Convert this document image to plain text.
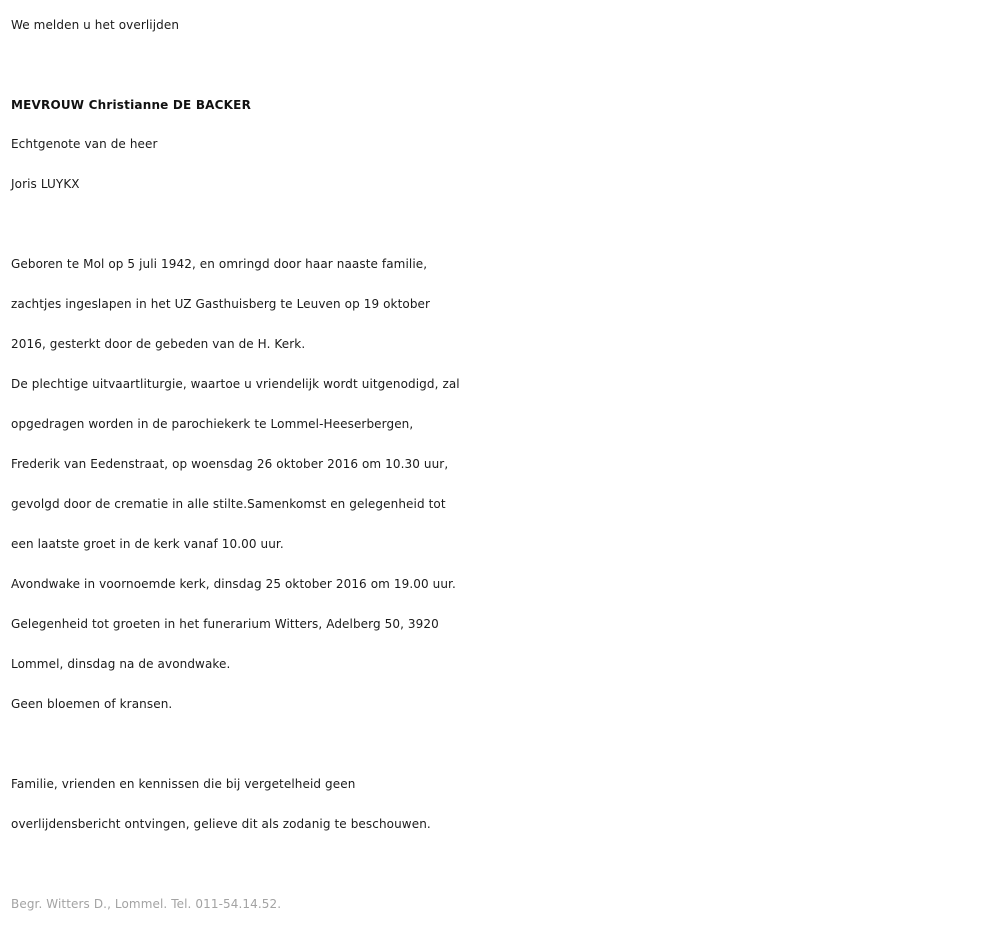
We melden u het overlijden
MEVROUW Christianne DE BACKER
Echtgenote van de heer
Joris LUYKX
Geboren te Mol op 5 juli 1942, en omringd door haar naaste familie,
zachtjes ingeslapen in het UZ Gasthuisberg te Leuven op 19 oktober
2016, gesterkt door de gebeden van de H. Kerk.
De plechtige uitvaartliturgie, waartoe u vriendelijk wordt uitgenodigd, zal
opgedragen worden in de parochiekerk te Lommel-Heeserbergen,
Frederik van Eedenstraat, op woensdag 26 oktober 2016 om 10.30 uur,
gevolgd door de crematie in alle stilte.Samenkomst en gelegenheid tot
een laatste groet in de kerk vanaf 10.00 uur.
Avondwake in voornoemde kerk, dinsdag 25 oktober 2016 om 19.00 uur.
Gelegenheid tot groeten in het funerarium Witters, Adelberg 50, 3920
Lommel, dinsdag na de avondwake.
Geen bloemen of kransen.
Familie, vrienden en kennissen die bij vergetelheid geen
overlijdensbericht ontvingen, gelieve dit als zodanig te beschouwen.
Begr. Witters D., Lommel. Tel. 011-54.14.52.
